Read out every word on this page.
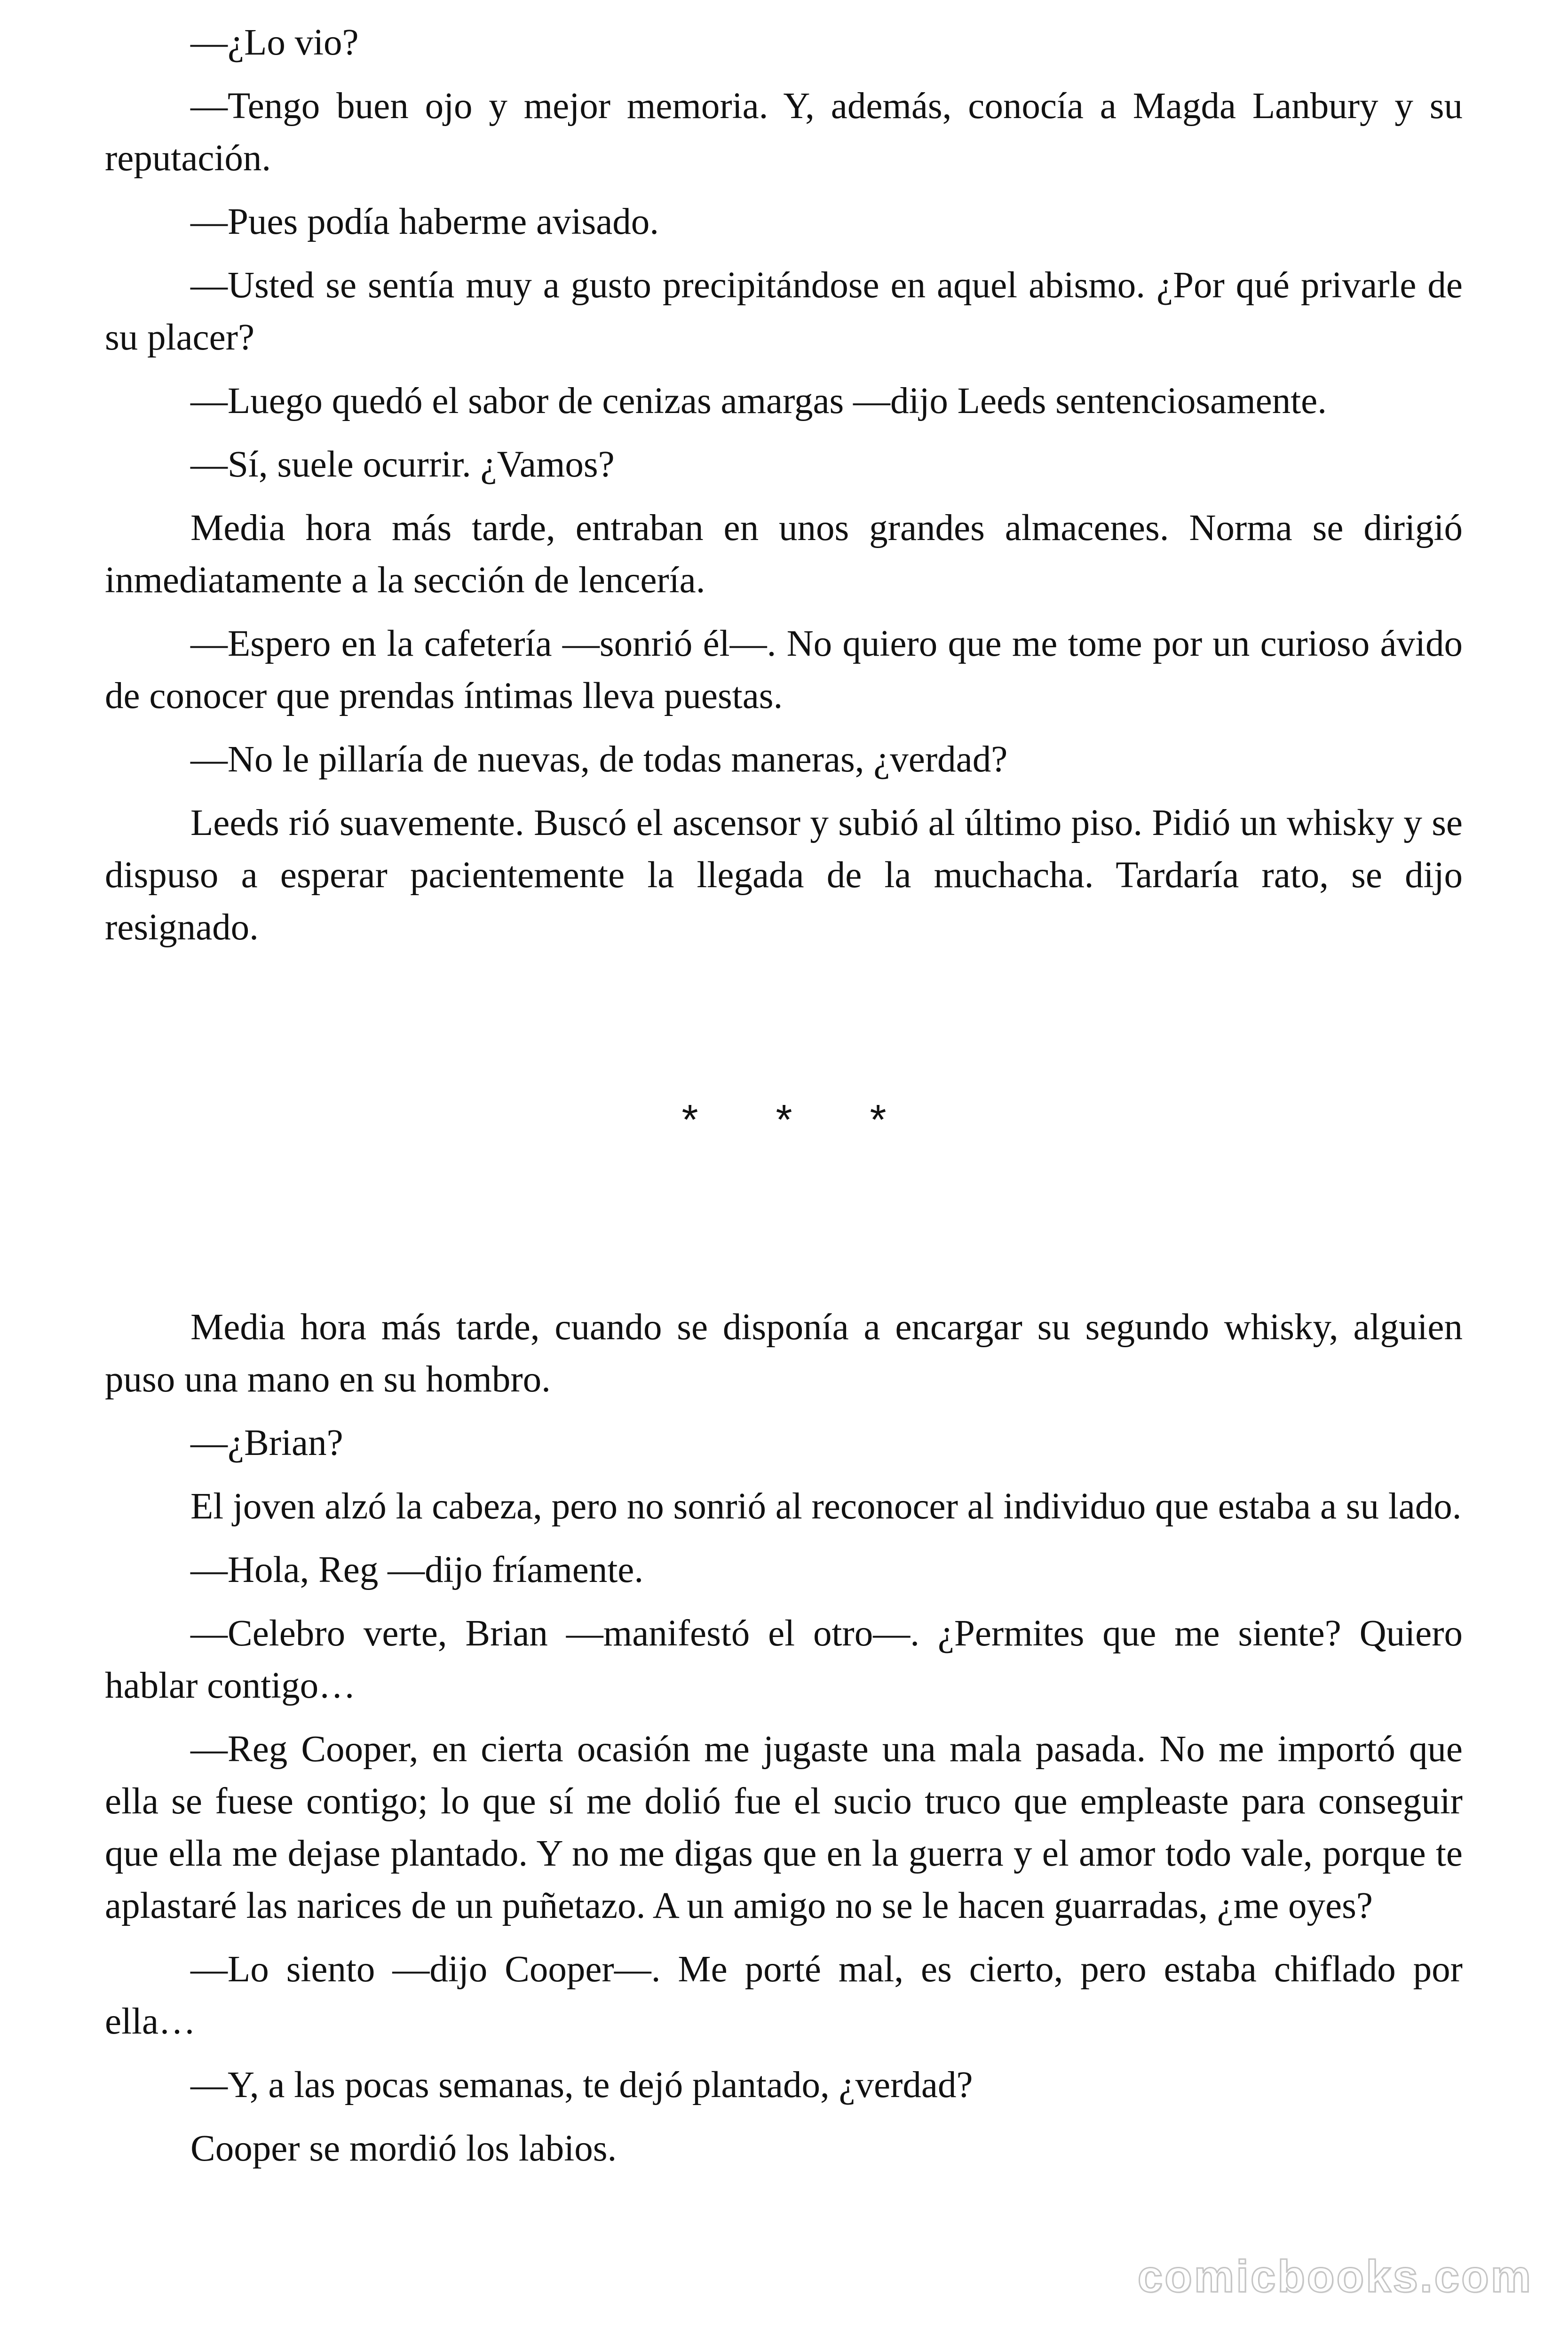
—¿Lo vio?

—Tengo buen ojo y mejor memoria. Y, además, conocía a Magda Lanbury y su reputación.

—Pues podía haberme avisado.

—Usted se sentía muy a gusto precipitándose en aquel abismo. ¿Por qué privarle de su placer?

—Luego quedó el sabor de cenizas amargas —dijo Leeds sentenciosamente.

—Sí, suele ocurrir. ¿Vamos?

Media hora más tarde, entraban en unos grandes almacenes. Norma se dirigió inmediatamente a la sección de lencería.

—Espero en la cafetería —sonrió él—. No quiero que me tome por un curioso ávido de conocer que prendas íntimas lleva puestas.

—No le pillaría de nuevas, de todas maneras, ¿verdad?

Leeds rió suavemente. Buscó el ascensor y subió al último piso. Pidió un whisky y se dispuso a esperar pacientemente la llegada de la muchacha. Tardaría rato, se dijo resignado.

* * *

Media hora más tarde, cuando se disponía a encargar su segundo whisky, alguien puso una mano en su hombro.

—¿Brian?

El joven alzó la cabeza, pero no sonrió al reconocer al individuo que estaba a su lado.

—Hola, Reg —dijo fríamente.

—Celebro verte, Brian —manifestó el otro—. ¿Permites que me siente? Quiero hablar contigo…

—Reg Cooper, en cierta ocasión me jugaste una mala pasada. No me importó que ella se fuese contigo; lo que sí me dolió fue el sucio truco que empleaste para conseguir que ella me dejase plantado. Y no me digas que en la guerra y el amor todo vale, porque te aplastaré las narices de un puñetazo. A un amigo no se le hacen guarradas, ¿me oyes?

—Lo siento —dijo Cooper—. Me porté mal, es cierto, pero estaba chiflado por ella…

—Y, a las pocas semanas, te dejó plantado, ¿verdad?

Cooper se mordió los labios.

comicbooks.com
